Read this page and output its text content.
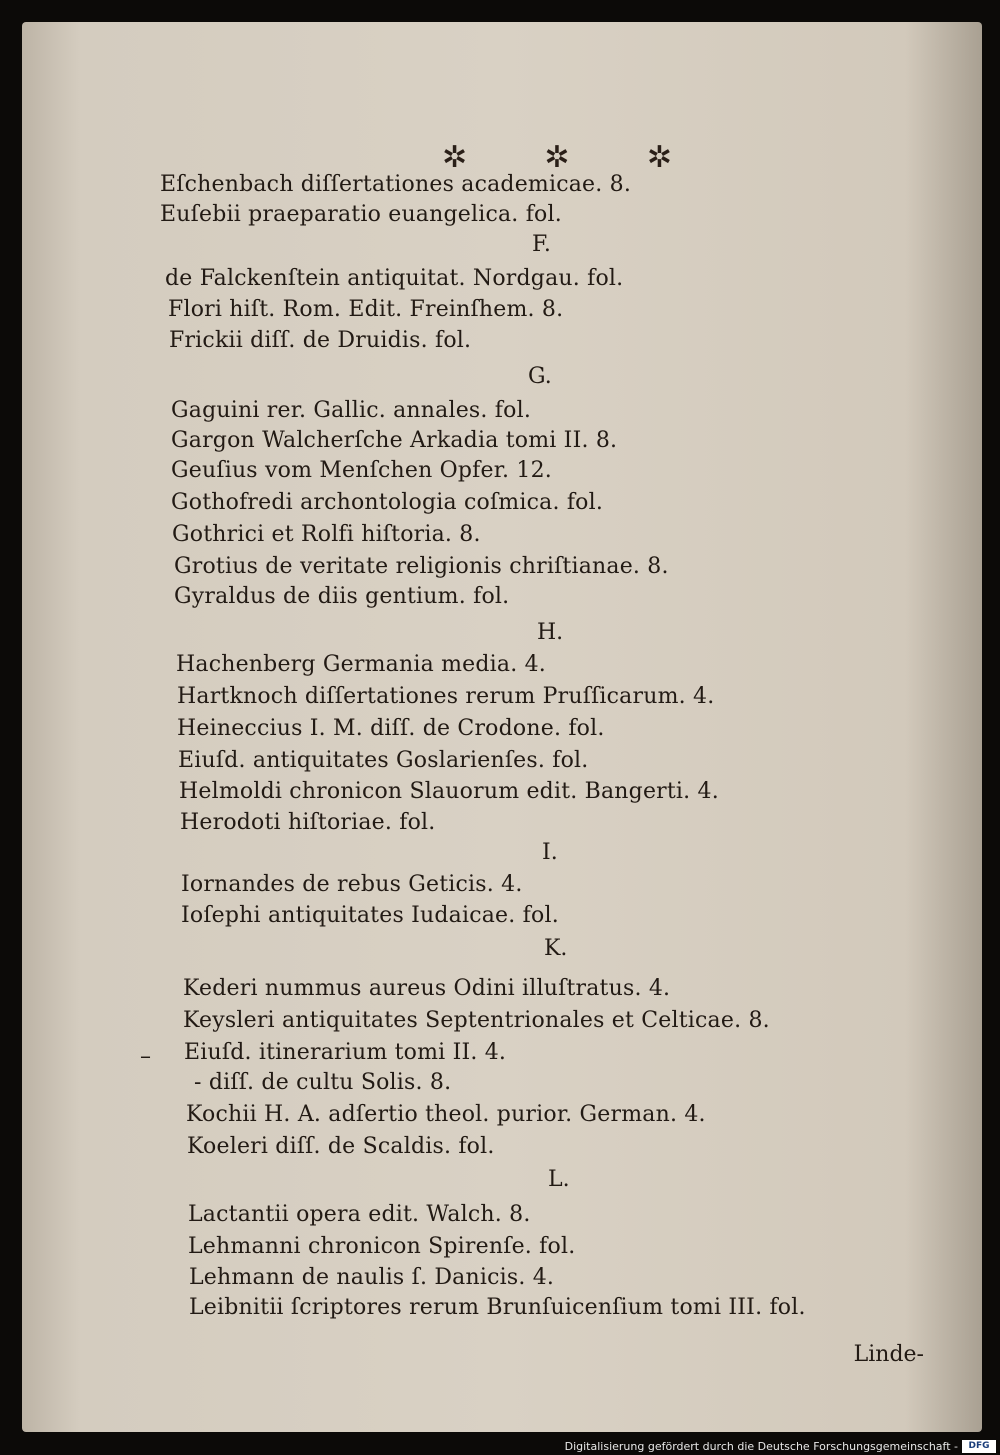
✲	✲	✲
Eſchenbach diſſertationes academicae. 8.
Euſebii praeparatio euangelica. fol.
F.
de Falckenſtein antiquitat. Nordgau. fol.
Flori hiſt. Rom. Edit. Freinſhem. 8.
Frickii diſſ. de Druidis. fol.
G.
Gaguini rer. Gallic. annales. fol.
Gargon Walcherſche Arkadia tomi II. 8.
Geuſius vom Menſchen Opfer. 12.
Gothofredi archontologia coſmica. fol.
Gothrici et Rolfi hiſtoria. 8.
Grotius de veritate religionis chriſtianae. 8.
Gyraldus de diis gentium. fol.
H.
Hachenberg Germania media. 4.
Hartknoch diſſertationes rerum Pruſſicarum. 4.
Heineccius I. M. diſſ. de Crodone. fol.
Eiuſd. antiquitates Goslarienſes. fol.
Helmoldi chronicon Slauorum edit. Bangerti. 4.
Herodoti hiſtoriae. fol.
I.
Iornandes de rebus Geticis. 4.
Ioſephi antiquitates Iudaicae. fol.
K.
Kederi nummus aureus Odini illuſtratus. 4.
Keysleri antiquitates Septentrionales et Celticae. 8.
Eiuſd. itinerarium tomi II. 4.
- diſſ. de cultu Solis. 8.
Kochii H. A. adſertio theol. purior. German. 4.
Koeleri diſſ. de Scaldis. fol.
L.
Lactantii opera edit. Walch. 8.
Lehmanni chronicon Spirenſe. fol.
Lehmann de naulis ſ. Danicis. 4.
Leibnitii ſcriptores rerum Brunſuicenſium tomi III. fol.
–
Linde-
Digitalisierung gefördert durch die Deutsche Forschungsgemeinschaft -	DFG
